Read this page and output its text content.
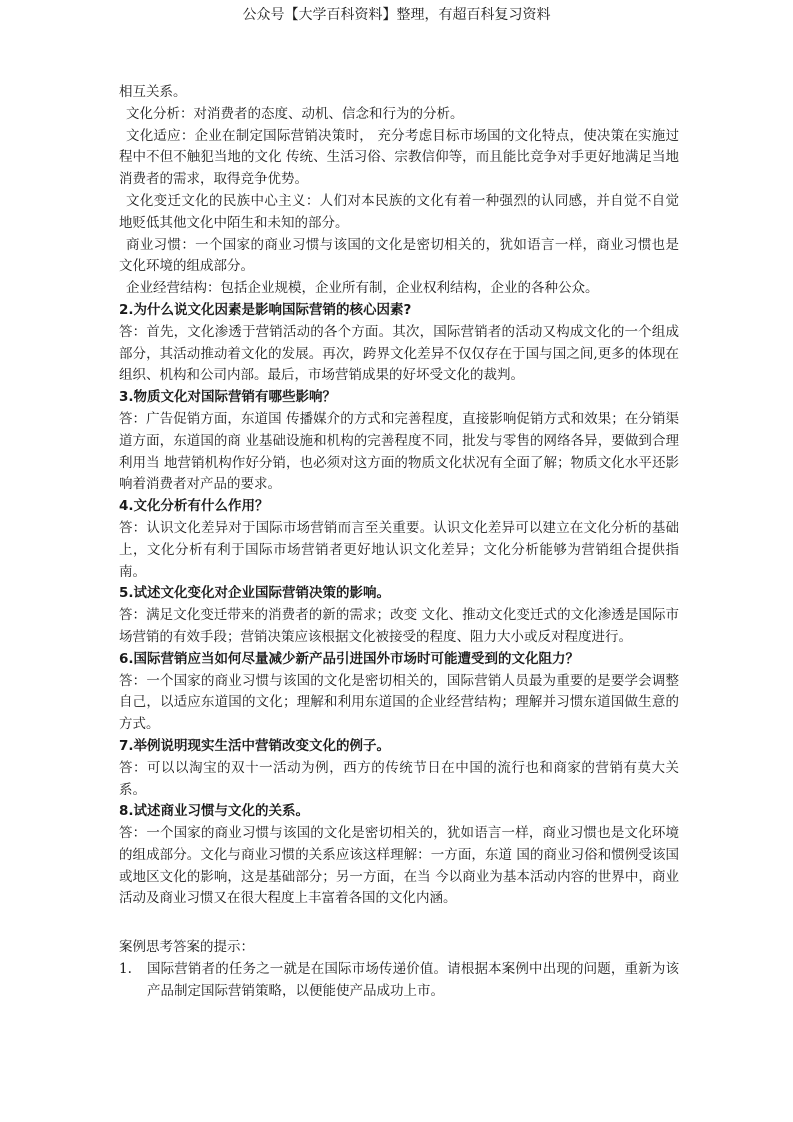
公众号【大学百科资料】整理，有超百科复习资料

相互关系。

文化分析：对消费者的态度、动机、信念和行为的分析。

文化适应：企业在制定国际营销决策时， 充分考虑目标市场国的文化特点，使决策在实施过程中不但不触犯当地的文化 传统、生活习俗、宗教信仰等，而且能比竞争对手更好地满足当地消费者的需求，取得竞争优势。

文化变迁文化的民族中心主义：人们对本民族的文化有着一种强烈的认同感，并自觉不自觉地贬低其他文化中陌生和未知的部分。

商业习惯：一个国家的商业习惯与该国的文化是密切相关的，犹如语言一样，商业习惯也是文化环境的组成部分。

企业经营结构：包括企业规模，企业所有制，企业权利结构，企业的各种公众。

2.为什么说文化因素是影响国际营销的核心因素?

答：首先，文化渗透于营销活动的各个方面。其次，国际营销者的活动又构成文化的一个组成部分，其活动推动着文化的发展。再次，跨界文化差异不仅仅存在于国与国之间,更多的体现在组织、机构和公司内部。最后，市场营销成果的好坏受文化的裁判。

3.物质文化对国际营销有哪些影响？

答：广告促销方面，东道国 传播媒介的方式和完善程度，直接影响促销方式和效果；在分销渠道方面，东道国的商 业基础设施和机构的完善程度不同，批发与零售的网络各异，要做到合理利用当 地营销机构作好分销，也必须对这方面的物质文化状况有全面了解；物质文化水平还影响着消费者对产品的要求。

4.文化分析有什么作用？

答：认识文化差异对于国际市场营销而言至关重要。认识文化差异可以建立在文化分析的基础上，文化分析有利于国际市场营销者更好地认识文化差异；文化分析能够为营销组合提供指南。

5.试述文化变化对企业国际营销决策的影响。

答：满足文化变迁带来的消费者的新的需求；改变 文化、推动文化变迁式的文化渗透是国际市场营销的有效手段；营销决策应该根据文化被接受的程度、阻力大小或反对程度进行。

6.国际营销应当如何尽量减少新产品引进国外市场时可能遭受到的文化阻力？

答：一个国家的商业习惯与该国的文化是密切相关的，国际营销人员最为重要的是要学会调整自己，以适应东道国的文化；理解和利用东道国的企业经营结构；理解并习惯东道国做生意的方式。

7.举例说明现实生活中营销改变文化的例子。

答：可以以淘宝的双十一活动为例，西方的传统节日在中国的流行也和商家的营销有莫大关系。

8.试述商业习惯与文化的关系。

答：一个国家的商业习惯与该国的文化是密切相关的，犹如语言一样，商业习惯也是文化环境的组成部分。文化与商业习惯的关系应该这样理解：一方面，东道 国的商业习俗和惯例受该国或地区文化的影响，这是基础部分；另一方面，在当 今以商业为基本活动内容的世界中，商业活动及商业习惯又在很大程度上丰富着各国的文化内涵。

案例思考答案的提示：

1.	国际营销者的任务之一就是在国际市场传递价值。请根据本案例中出现的问题，重新为该产品制定国际营销策略，以便能使产品成功上市。
